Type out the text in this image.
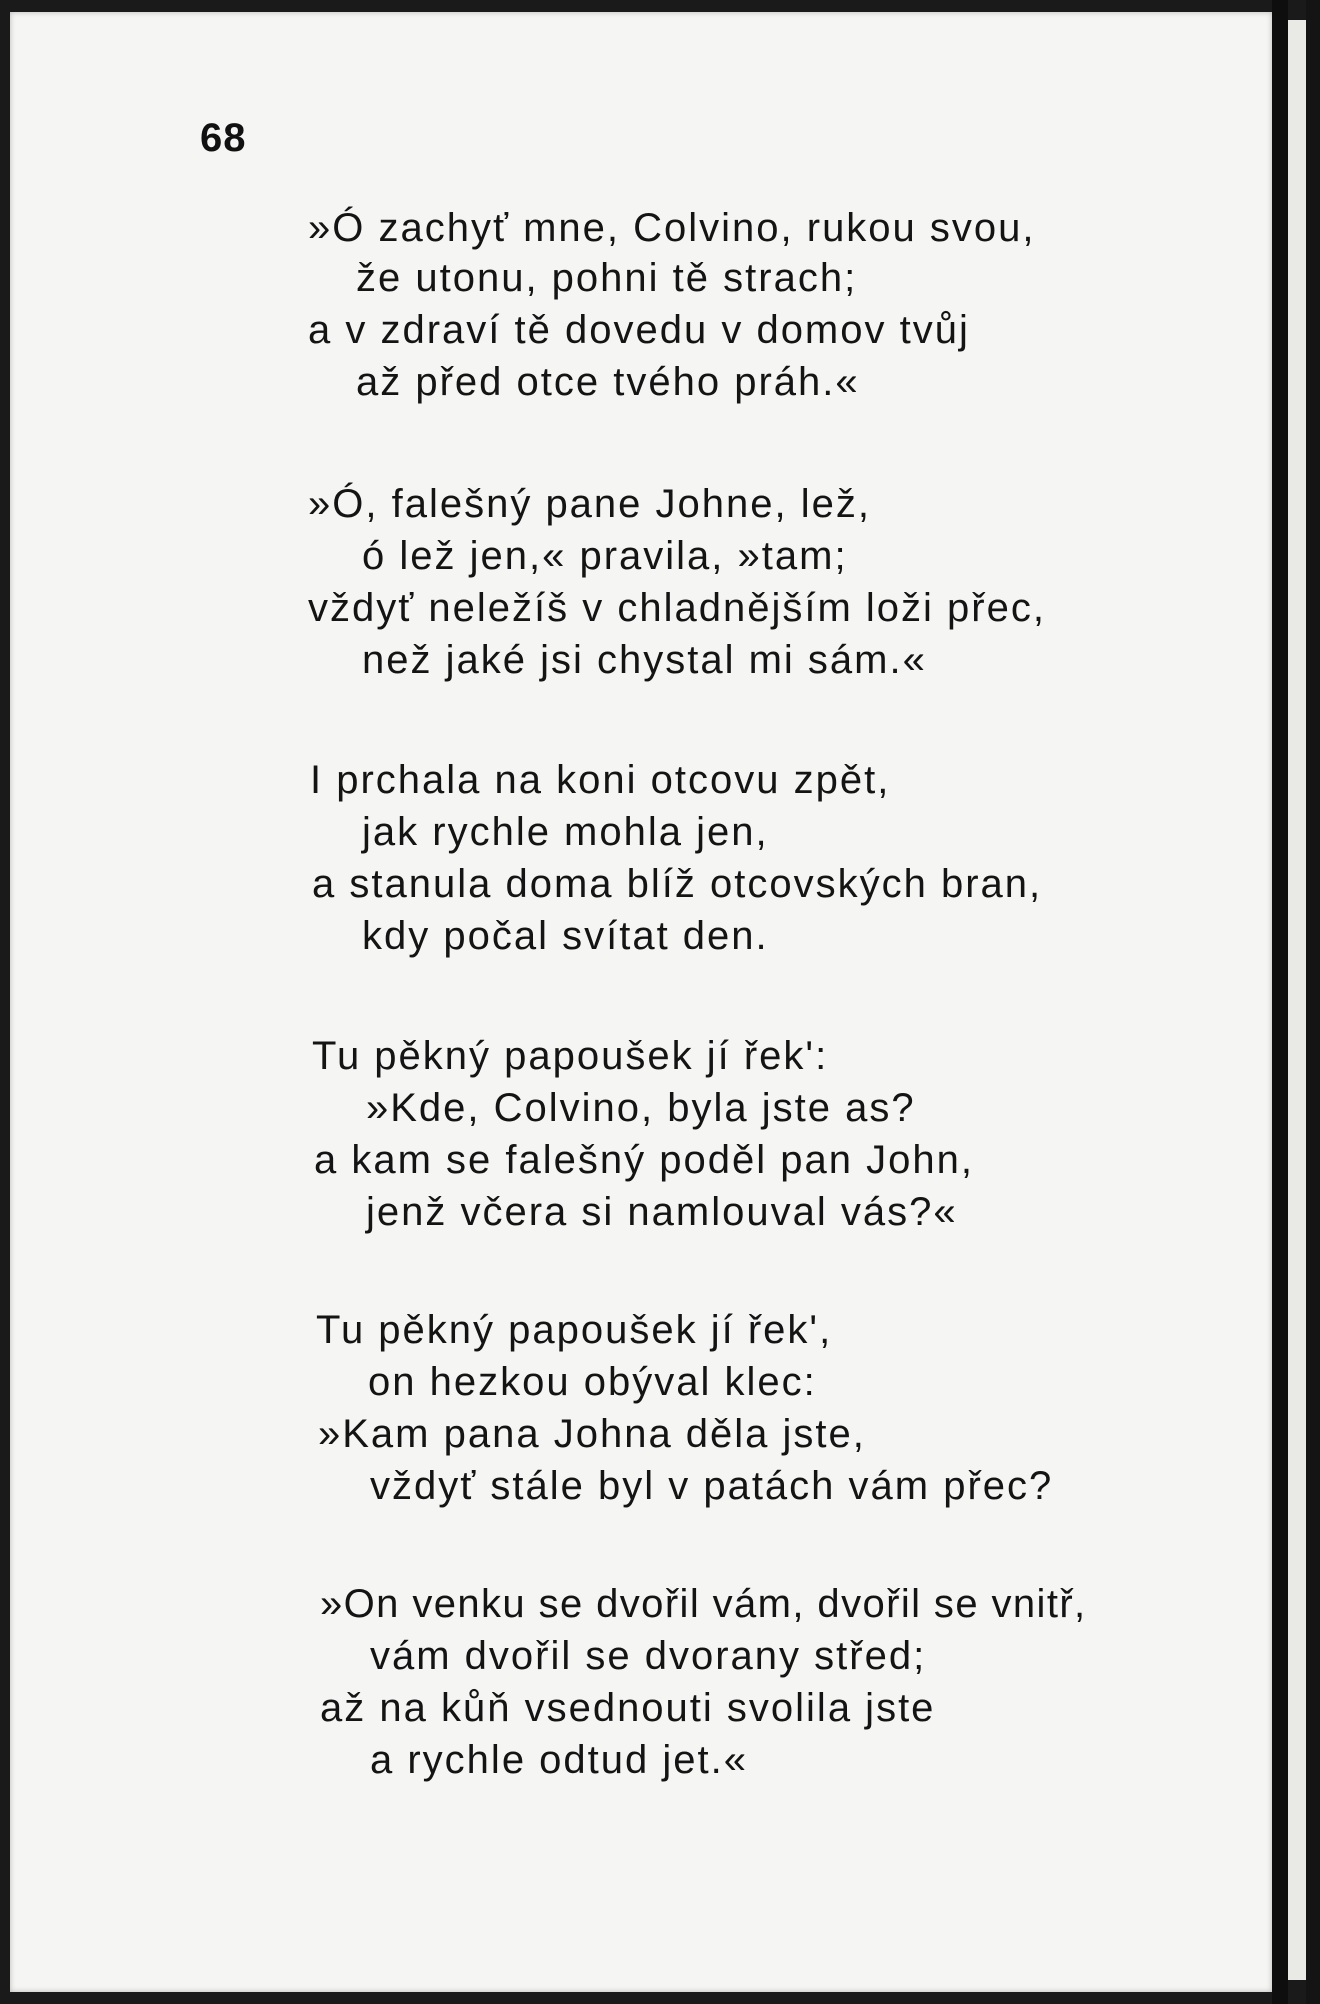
68
»Ó zachyť mne, Colvino, rukou svou,
že utonu, pohni tě strach;
a v zdraví tě dovedu v domov tvůj
až před otce tvého práh.«
»Ó, falešný pane Johne, lež,
ó lež jen,« pravila, »tam;
vždyť neležíš v chladnějším loži přec,
než jaké jsi chystal mi sám.«
I prchala na koni otcovu zpět,
jak rychle mohla jen,
a stanula doma blíž otcovských bran,
kdy počal svítat den.
Tu pěkný papoušek jí řek':
»Kde, Colvino, byla jste as?
a kam se falešný poděl pan John,
jenž včera si namlouval vás?«
Tu pěkný papoušek jí řek',
on hezkou obýval klec:
»Kam pana Johna děla jste,
vždyť stále byl v patách vám přec?
»On venku se dvořil vám, dvořil se vnitř,
vám dvořil se dvorany střed;
až na kůň vsednouti svolila jste
a rychle odtud jet.«
